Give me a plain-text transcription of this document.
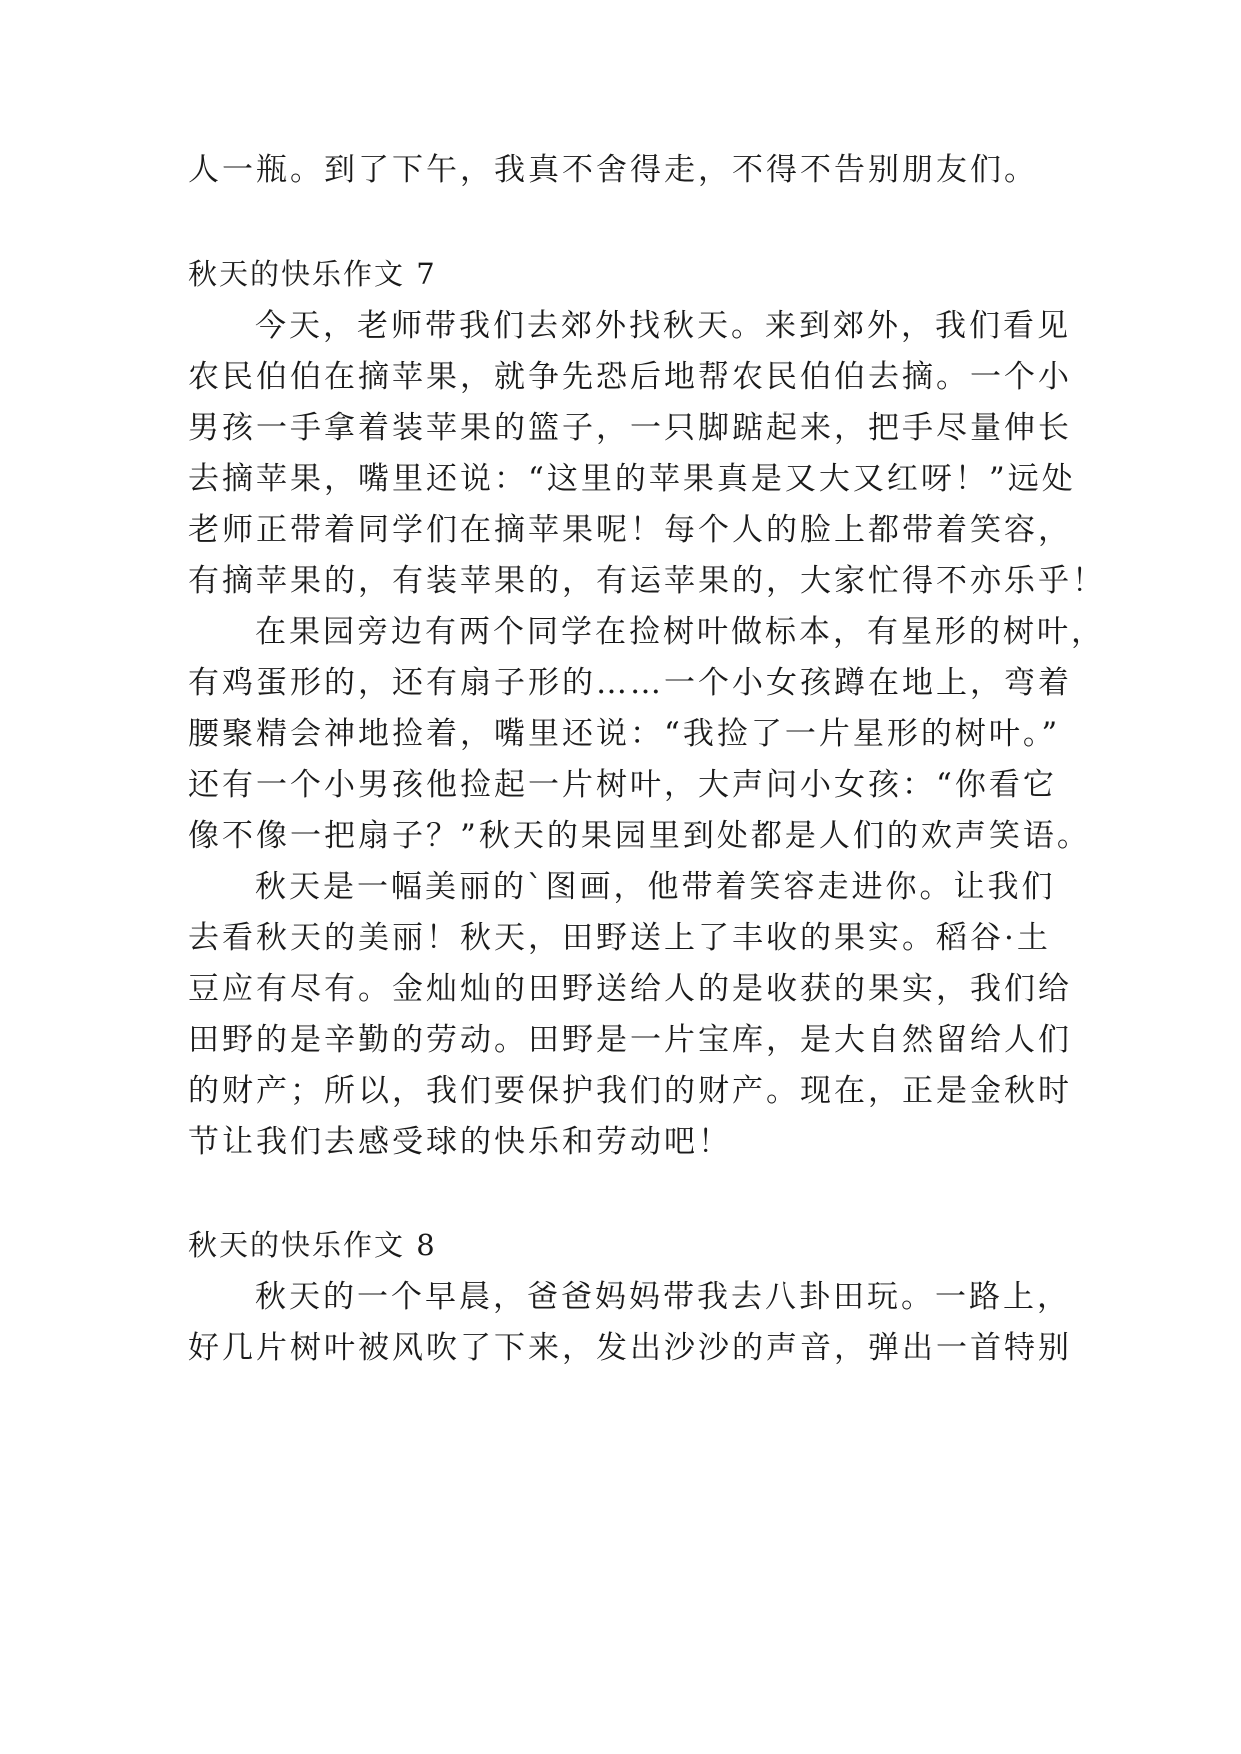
人一瓶。到了下午，我真不舍得走，不得不告别朋友们。
秋天的快乐作文 7
今天，老师带我们去郊外找秋天。来到郊外，我们看见
农民伯伯在摘苹果，就争先恐后地帮农民伯伯去摘。一个小
男孩一手拿着装苹果的篮子，一只脚踮起来，把手尽量伸长
去摘苹果，嘴里还说：“这里的苹果真是又大又红呀！”远处
老师正带着同学们在摘苹果呢！每个人的脸上都带着笑容，
有摘苹果的，有装苹果的，有运苹果的，大家忙得不亦乐乎！
在果园旁边有两个同学在捡树叶做标本，有星形的树叶，
有鸡蛋形的，还有扇子形的……一个小女孩蹲在地上，弯着
腰聚精会神地捡着，嘴里还说：“我捡了一片星形的树叶。”
还有一个小男孩他捡起一片树叶，大声问小女孩：“你看它
像不像一把扇子？”秋天的果园里到处都是人们的欢声笑语。
秋天是一幅美丽的`图画，他带着笑容走进你。让我们
去看秋天的美丽！秋天，田野送上了丰收的果实。稻谷·土
豆应有尽有。金灿灿的田野送给人的是收获的果实，我们给
田野的是辛勤的劳动。田野是一片宝库，是大自然留给人们
的财产；所以，我们要保护我们的财产。现在，正是金秋时
节让我们去感受球的快乐和劳动吧！
秋天的快乐作文 8
秋天的一个早晨，爸爸妈妈带我去八卦田玩。一路上，
好几片树叶被风吹了下来，发出沙沙的声音，弹出一首特别
